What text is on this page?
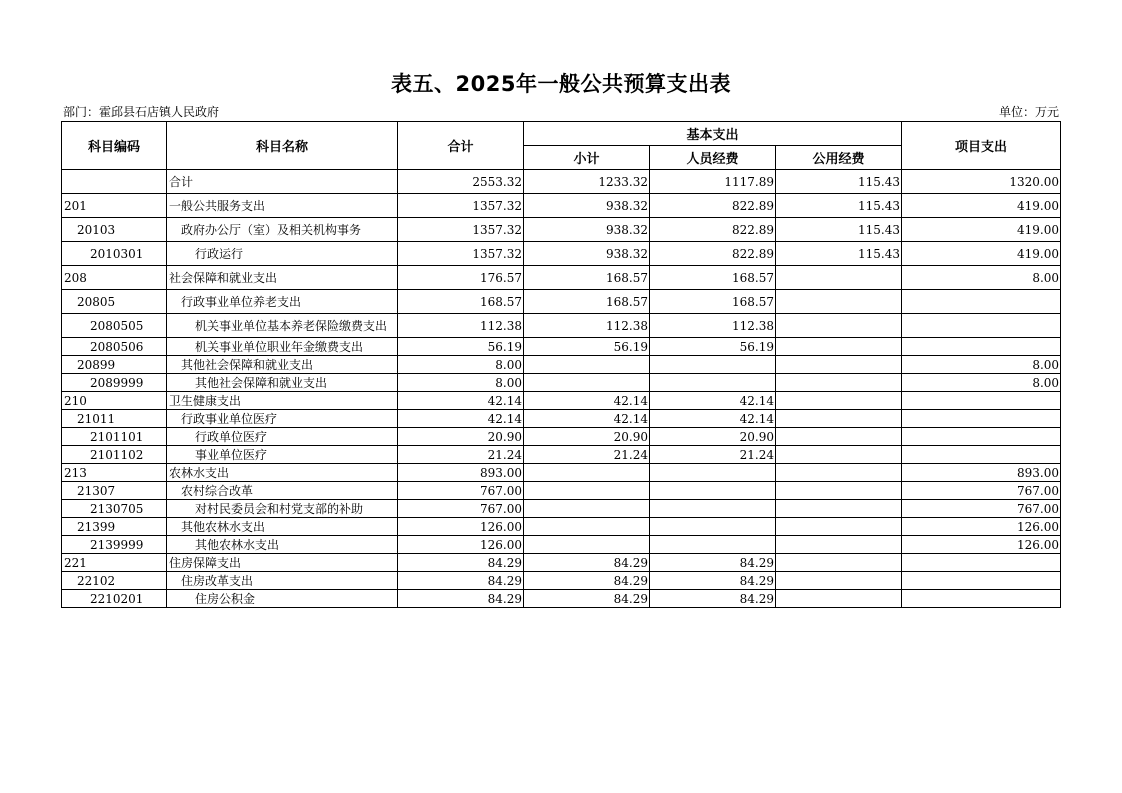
表五、2025年一般公共预算支出表
部门：霍邱县石店镇人民政府	单位：万元
科目编码	科目名称	合计	基本支出			项目支出
			小计	人员经费	公用经费	
	合计	2553.32	1233.32	1117.89	115.43	1320.00
201	一般公共服务支出	1357.32	938.32	822.89	115.43	419.00
20103	政府办公厅（室）及相关机构事务	1357.32	938.32	822.89	115.43	419.00
2010301	行政运行	1357.32	938.32	822.89	115.43	419.00
208	社会保障和就业支出	176.57	168.57	168.57		8.00
20805	行政事业单位养老支出	168.57	168.57	168.57		
2080505	机关事业单位基本养老保险缴费支出	112.38	112.38	112.38		
2080506	机关事业单位职业年金缴费支出	56.19	56.19	56.19		
20899	其他社会保障和就业支出	8.00				8.00
2089999	其他社会保障和就业支出	8.00				8.00
210	卫生健康支出	42.14	42.14	42.14		
21011	行政事业单位医疗	42.14	42.14	42.14		
2101101	行政单位医疗	20.90	20.90	20.90		
2101102	事业单位医疗	21.24	21.24	21.24		
213	农林水支出	893.00				893.00
21307	农村综合改革	767.00				767.00
2130705	对村民委员会和村党支部的补助	767.00				767.00
21399	其他农林水支出	126.00				126.00
2139999	其他农林水支出	126.00				126.00
221	住房保障支出	84.29	84.29	84.29		
22102	住房改革支出	84.29	84.29	84.29		
2210201	住房公积金	84.29	84.29	84.29		
